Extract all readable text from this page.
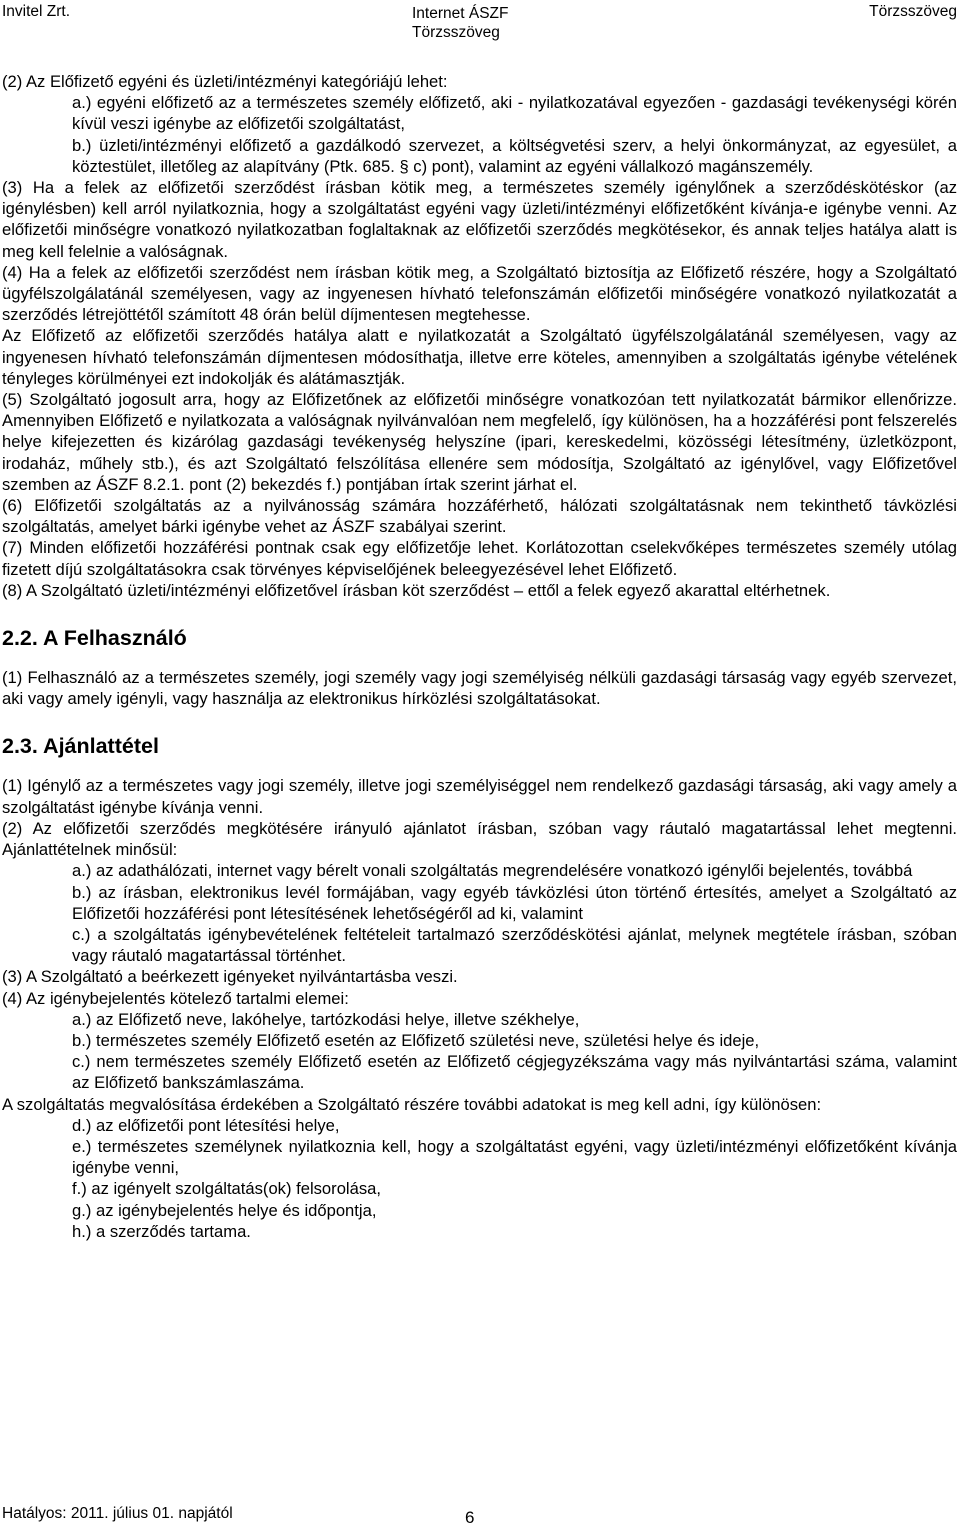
Invitel Zrt.	Internet ÁSZF
Törzsszöveg
Törzsszöveg

(2) Az Előfizető egyéni és üzleti/intézményi kategóriájú lehet:

a.) egyéni előfizető az a természetes személy előfizető, aki - nyilatkozatával egyezően - gazdasági tevékenységi körén kívül veszi igénybe az előfizetői szolgáltatást,

b.) üzleti/intézményi előfizető a gazdálkodó szervezet, a költségvetési szerv, a helyi önkormányzat, az egyesület, a köztestület, illetőleg az alapítvány (Ptk. 685. § c) pont), valamint az egyéni vállalkozó magánszemély.

(3) Ha a felek az előfizetői szerződést írásban kötik meg, a természetes személy igénylőnek a szerződéskötéskor (az igénylésben) kell arról nyilatkoznia, hogy a szolgáltatást egyéni vagy üzleti/intézményi előfizetőként kívánja-e igénybe venni. Az előfizetői minőségre vonatkozó nyilatkozatban foglaltaknak az előfizetői szerződés megkötésekor, és annak teljes hatálya alatt is meg kell felelnie a valóságnak.

(4) Ha a felek az előfizetői szerződést nem írásban kötik meg, a Szolgáltató biztosítja az Előfizető részére, hogy a Szolgáltató ügyfélszolgálatánál személyesen, vagy az ingyenesen hívható telefonszámán előfizetői minőségére vonatkozó nyilatkozatát a szerződés létrejöttétől számított 48 órán belül díjmentesen megtehesse.

Az Előfizető az előfizetői szerződés hatálya alatt e nyilatkozatát a Szolgáltató ügyfélszolgálatánál személyesen, vagy az ingyenesen hívható telefonszámán díjmentesen módosíthatja, illetve erre köteles, amennyiben a szolgáltatás igénybe vételének tényleges körülményei ezt indokolják és alátámasztják.

(5) Szolgáltató jogosult arra, hogy az Előfizetőnek az előfizetői minőségre vonatkozóan tett nyilatkozatát bármikor ellenőrizze. Amennyiben Előfizető e nyilatkozata a valóságnak nyilvánvalóan nem megfelelő, így különösen, ha a hozzáférési pont felszerelés helye kifejezetten és kizárólag gazdasági tevékenység helyszíne (ipari, kereskedelmi, közösségi létesítmény, üzletközpont, irodaház, műhely stb.), és azt Szolgáltató felszólítása ellenére sem módosítja, Szolgáltató az igénylővel, vagy Előfizetővel szemben az ÁSZF 8.2.1. pont (2) bekezdés f.) pontjában írtak szerint járhat el.

(6) Előfizetői szolgáltatás az a nyilvánosság számára hozzáférhető, hálózati szolgáltatásnak nem tekinthető távközlési szolgáltatás, amelyet bárki igénybe vehet az ÁSZF szabályai szerint.

(7) Minden előfizetői hozzáférési pontnak csak egy előfizetője lehet. Korlátozottan cselekvőképes természetes személy utólag fizetett díjú szolgáltatásokra csak törvényes képviselőjének beleegyezésével lehet Előfizető.

(8) A Szolgáltató üzleti/intézményi előfizetővel írásban köt szerződést – ettől a felek egyező akarattal eltérhetnek.

2.2. A Felhasználó

(1) Felhasználó az a természetes személy, jogi személy vagy jogi személyiség nélküli gazdasági társaság vagy egyéb szervezet, aki vagy amely igényli, vagy használja az elektronikus hírközlési szolgáltatásokat.

2.3. Ajánlattétel

(1) Igénylő az a természetes vagy jogi személy, illetve jogi személyiséggel nem rendelkező gazdasági társaság, aki vagy amely a szolgáltatást igénybe kívánja venni.

(2) Az előfizetői szerződés megkötésére irányuló ajánlatot írásban, szóban vagy ráutaló magatartással lehet megtenni. Ajánlattételnek minősül:

a.) az adathálózati, internet vagy bérelt vonali szolgáltatás megrendelésére vonatkozó igénylői bejelentés, továbbá

b.) az írásban, elektronikus levél formájában, vagy egyéb távközlési úton történő értesítés, amelyet a Szolgáltató az Előfizetői hozzáférési pont létesítésének lehetőségéről ad ki, valamint

c.) a szolgáltatás igénybevételének feltételeit tartalmazó szerződéskötési ajánlat, melynek megtétele írásban, szóban vagy ráutaló magatartással történhet.

(3) A Szolgáltató a beérkezett igényeket nyilvántartásba veszi.

(4) Az igénybejelentés kötelező tartalmi elemei:

a.) az Előfizető neve, lakóhelye, tartózkodási helye, illetve székhelye,

b.) természetes személy Előfizető esetén az Előfizető születési neve, születési helye és ideje,

c.) nem természetes személy Előfizető esetén az Előfizető cégjegyzékszáma vagy más nyilvántartási száma, valamint az Előfizető bankszámlaszáma.

A szolgáltatás megvalósítása érdekében a Szolgáltató részére további adatokat is meg kell adni, így különösen:

d.) az előfizetői pont létesítési helye,

e.) természetes személynek nyilatkoznia kell, hogy a szolgáltatást egyéni, vagy üzleti/intézményi előfizetőként kívánja igénybe venni,

f.) az igényelt szolgáltatás(ok) felsorolása,

g.) az igénybejelentés helye és időpontja,

h.) a szerződés tartama.

Hatályos: 2011. július 01. napjától	6
